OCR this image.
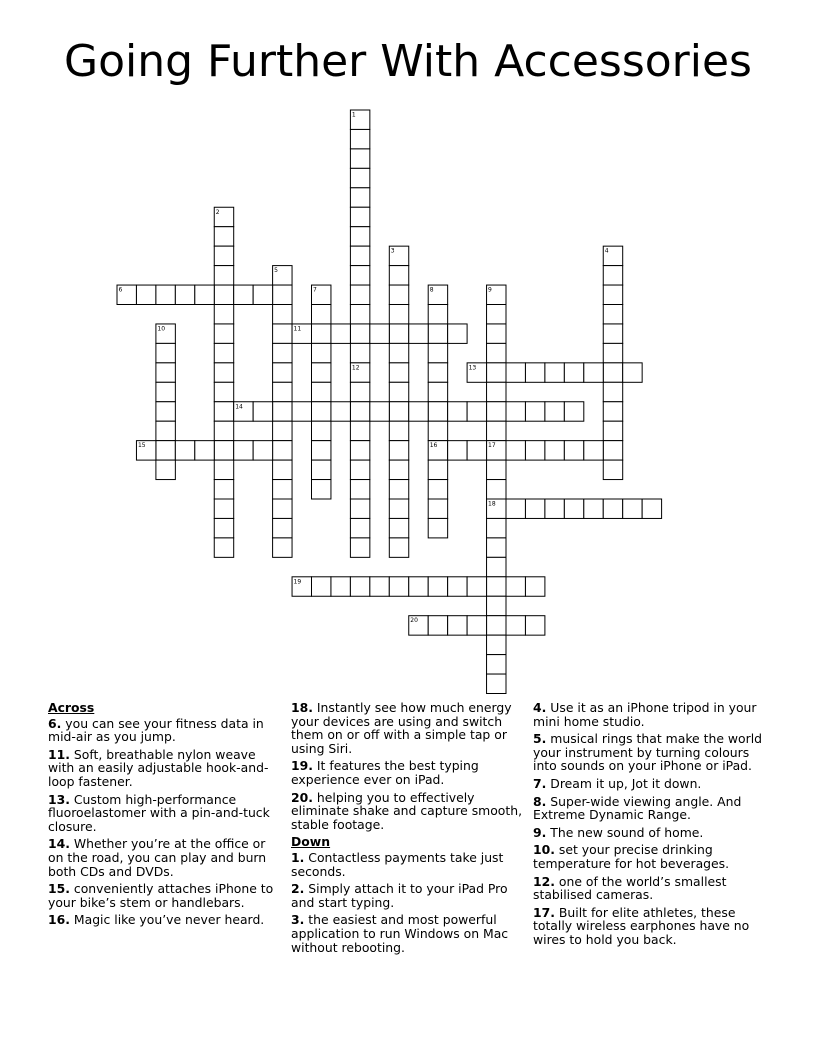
Going Further With Accessories
1
2
3	4
5
6	7	8	9
10	11
12	13
14
15	16	17
18
19
20
Across
6. you can see your fitness data in mid-air as you jump.
11. Soft, breathable nylon weave with an easily adjustable hook-and-loop fastener.
13. Custom high-performance fluoroelastomer with a pin-and-tuck closure.
14. Whether you’re at the office or on the road, you can play and burn both CDs and DVDs.
15. conveniently attaches iPhone to your bike’s stem or handlebars.
16. Magic like you’ve never heard.
18. Instantly see how much energy your devices are using and switch them on or off with a simple tap or using Siri.
19. It features the best typing experience ever on iPad.
20. helping you to effectively eliminate shake and capture smooth, stable footage.
Down
1. Contactless payments take just seconds.
2. Simply attach it to your iPad Pro and start typing.
3. the easiest and most powerful application to run Windows on Mac without rebooting.
4. Use it as an iPhone tripod in your mini home studio.
5. musical rings that make the world your instrument by turning colours into sounds on your iPhone or iPad.
7. Dream it up, Jot it down.
8. Super-wide viewing angle. And Extreme Dynamic Range.
9. The new sound of home.
10. set your precise drinking temperature for hot beverages.
12. one of the world’s smallest stabilised cameras.
17. Built for elite athletes, these totally wireless earphones have no wires to hold you back.
